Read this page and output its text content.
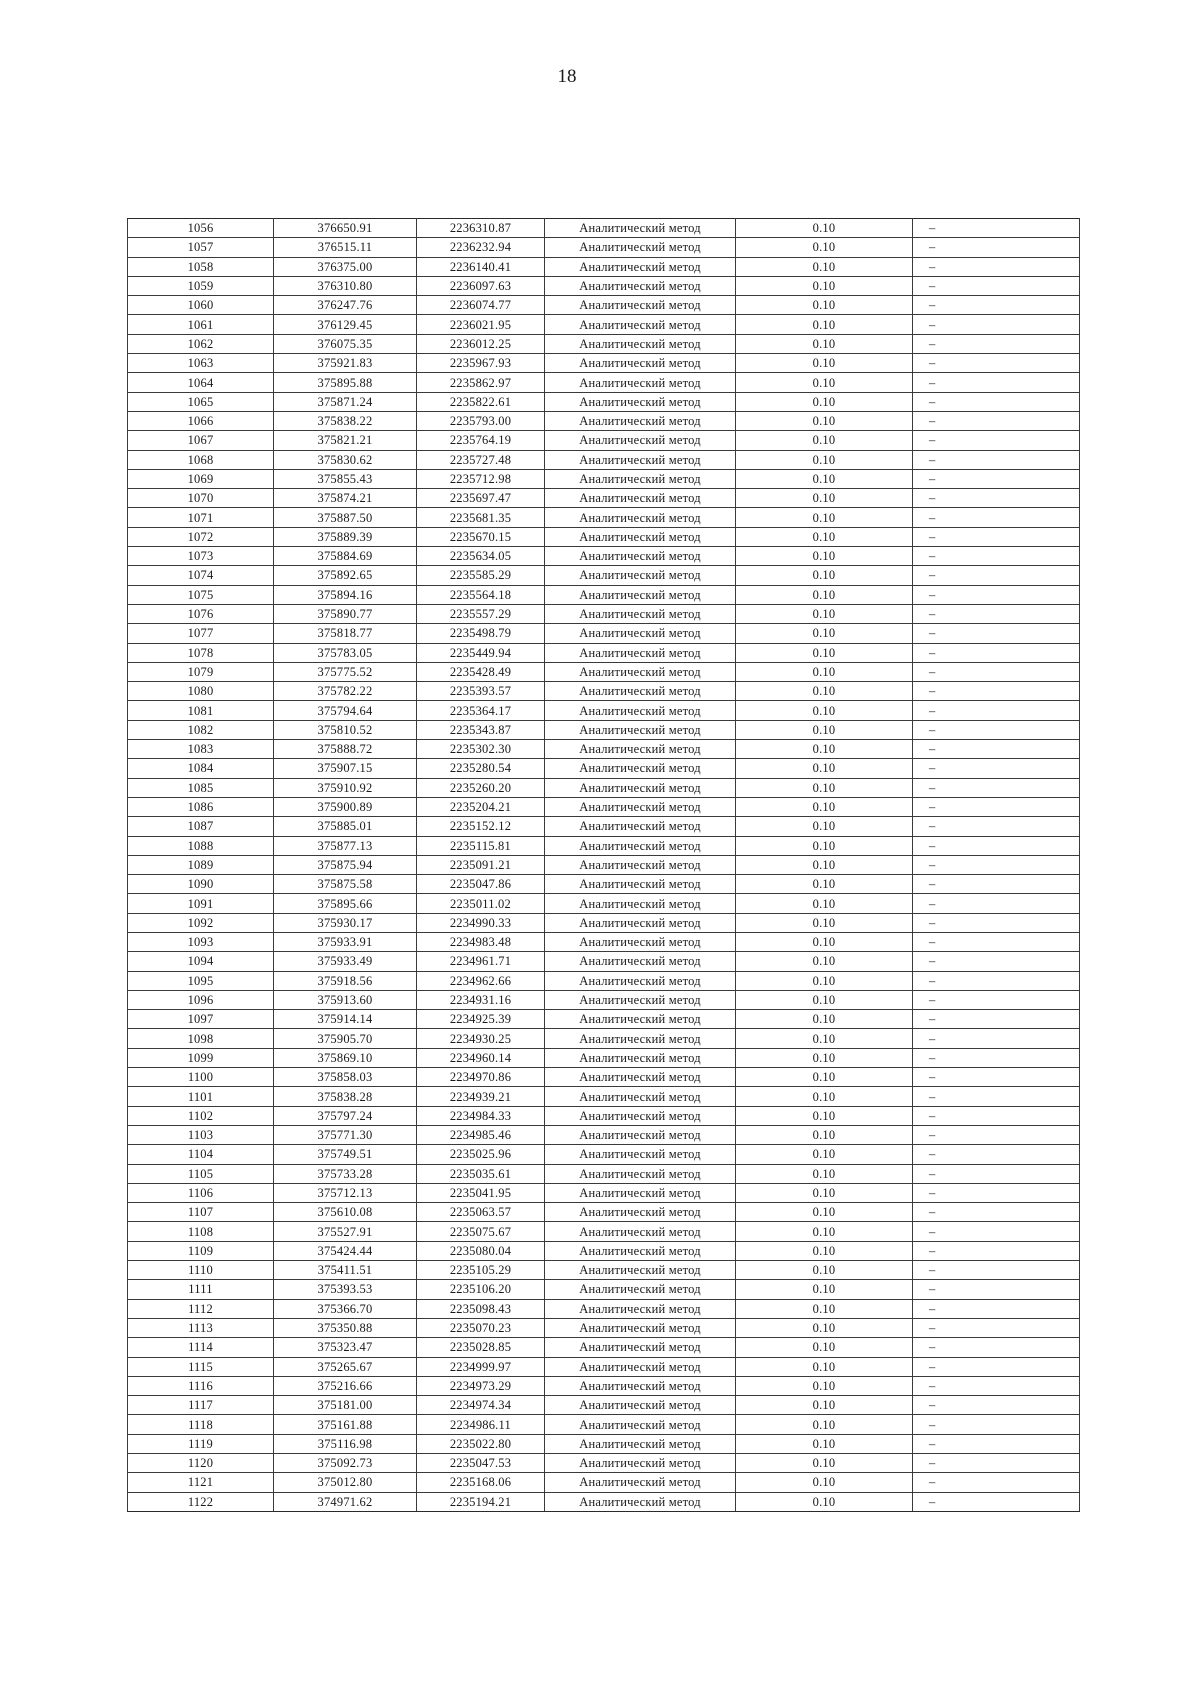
18
1056	376650.91	2236310.87	Аналитический метод	0.10	–
1057	376515.11	2236232.94	Аналитический метод	0.10	–
1058	376375.00	2236140.41	Аналитический метод	0.10	–
1059	376310.80	2236097.63	Аналитический метод	0.10	–
1060	376247.76	2236074.77	Аналитический метод	0.10	–
1061	376129.45	2236021.95	Аналитический метод	0.10	–
1062	376075.35	2236012.25	Аналитический метод	0.10	–
1063	375921.83	2235967.93	Аналитический метод	0.10	–
1064	375895.88	2235862.97	Аналитический метод	0.10	–
1065	375871.24	2235822.61	Аналитический метод	0.10	–
1066	375838.22	2235793.00	Аналитический метод	0.10	–
1067	375821.21	2235764.19	Аналитический метод	0.10	–
1068	375830.62	2235727.48	Аналитический метод	0.10	–
1069	375855.43	2235712.98	Аналитический метод	0.10	–
1070	375874.21	2235697.47	Аналитический метод	0.10	–
1071	375887.50	2235681.35	Аналитический метод	0.10	–
1072	375889.39	2235670.15	Аналитический метод	0.10	–
1073	375884.69	2235634.05	Аналитический метод	0.10	–
1074	375892.65	2235585.29	Аналитический метод	0.10	–
1075	375894.16	2235564.18	Аналитический метод	0.10	–
1076	375890.77	2235557.29	Аналитический метод	0.10	–
1077	375818.77	2235498.79	Аналитический метод	0.10	–
1078	375783.05	2235449.94	Аналитический метод	0.10	–
1079	375775.52	2235428.49	Аналитический метод	0.10	–
1080	375782.22	2235393.57	Аналитический метод	0.10	–
1081	375794.64	2235364.17	Аналитический метод	0.10	–
1082	375810.52	2235343.87	Аналитический метод	0.10	–
1083	375888.72	2235302.30	Аналитический метод	0.10	–
1084	375907.15	2235280.54	Аналитический метод	0.10	–
1085	375910.92	2235260.20	Аналитический метод	0.10	–
1086	375900.89	2235204.21	Аналитический метод	0.10	–
1087	375885.01	2235152.12	Аналитический метод	0.10	–
1088	375877.13	2235115.81	Аналитический метод	0.10	–
1089	375875.94	2235091.21	Аналитический метод	0.10	–
1090	375875.58	2235047.86	Аналитический метод	0.10	–
1091	375895.66	2235011.02	Аналитический метод	0.10	–
1092	375930.17	2234990.33	Аналитический метод	0.10	–
1093	375933.91	2234983.48	Аналитический метод	0.10	–
1094	375933.49	2234961.71	Аналитический метод	0.10	–
1095	375918.56	2234962.66	Аналитический метод	0.10	–
1096	375913.60	2234931.16	Аналитический метод	0.10	–
1097	375914.14	2234925.39	Аналитический метод	0.10	–
1098	375905.70	2234930.25	Аналитический метод	0.10	–
1099	375869.10	2234960.14	Аналитический метод	0.10	–
1100	375858.03	2234970.86	Аналитический метод	0.10	–
1101	375838.28	2234939.21	Аналитический метод	0.10	–
1102	375797.24	2234984.33	Аналитический метод	0.10	–
1103	375771.30	2234985.46	Аналитический метод	0.10	–
1104	375749.51	2235025.96	Аналитический метод	0.10	–
1105	375733.28	2235035.61	Аналитический метод	0.10	–
1106	375712.13	2235041.95	Аналитический метод	0.10	–
1107	375610.08	2235063.57	Аналитический метод	0.10	–
1108	375527.91	2235075.67	Аналитический метод	0.10	–
1109	375424.44	2235080.04	Аналитический метод	0.10	–
1110	375411.51	2235105.29	Аналитический метод	0.10	–
1111	375393.53	2235106.20	Аналитический метод	0.10	–
1112	375366.70	2235098.43	Аналитический метод	0.10	–
1113	375350.88	2235070.23	Аналитический метод	0.10	–
1114	375323.47	2235028.85	Аналитический метод	0.10	–
1115	375265.67	2234999.97	Аналитический метод	0.10	–
1116	375216.66	2234973.29	Аналитический метод	0.10	–
1117	375181.00	2234974.34	Аналитический метод	0.10	–
1118	375161.88	2234986.11	Аналитический метод	0.10	–
1119	375116.98	2235022.80	Аналитический метод	0.10	–
1120	375092.73	2235047.53	Аналитический метод	0.10	–
1121	375012.80	2235168.06	Аналитический метод	0.10	–
1122	374971.62	2235194.21	Аналитический метод	0.10	–
